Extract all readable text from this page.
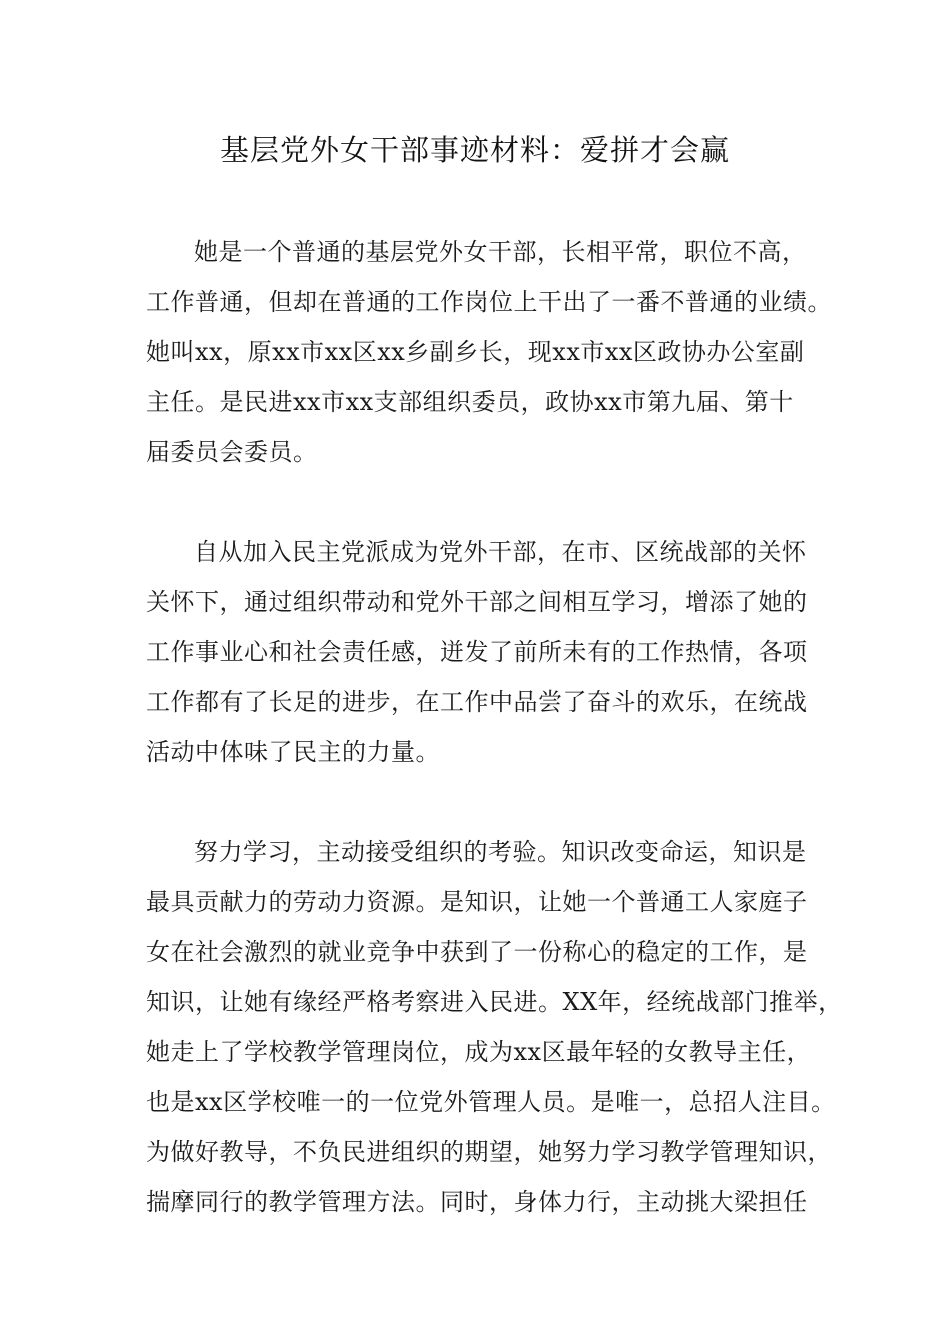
基层党外女干部事迹材料：爱拼才会赢
她是一个普通的基层党外女干部，长相平常，职位不高，
工作普通，但却在普通的工作岗位上干出了一番不普通的业绩。
她叫xx，原xx市xx区xx乡副乡长，现xx市xx区政协办公室副
主任。是民进xx市xx支部组织委员，政协xx市第九届、第十
届委员会委员。
自从加入民主党派成为党外干部，在市、区统战部的关怀
关怀下，通过组织带动和党外干部之间相互学习，增添了她的
工作事业心和社会责任感，迸发了前所未有的工作热情，各项
工作都有了长足的进步，在工作中品尝了奋斗的欢乐，在统战
活动中体味了民主的力量。
努力学习，主动接受组织的考验。知识改变命运，知识是
最具贡献力的劳动力资源。是知识，让她一个普通工人家庭子
女在社会激烈的就业竞争中获到了一份称心的稳定的工作，是
知识，让她有缘经严格考察进入民进。XX年，经统战部门推举，
她走上了学校教学管理岗位，成为xx区最年轻的女教导主任，
也是xx区学校唯一的一位党外管理人员。是唯一，总招人注目。
为做好教导，不负民进组织的期望，她努力学习教学管理知识，
揣摩同行的教学管理方法。同时，身体力行，主动挑大梁担任
